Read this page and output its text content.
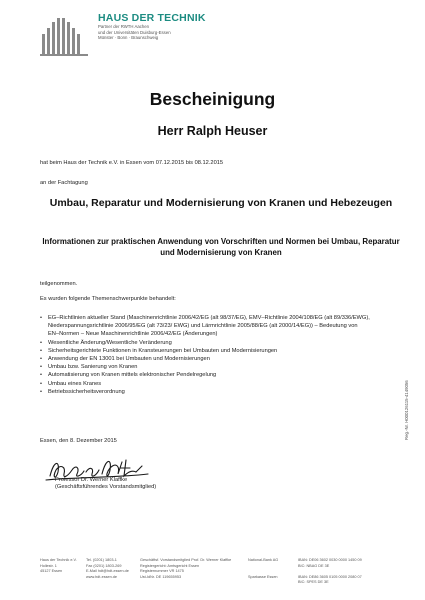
HAUS DER TECHNIK
Partner der RWTH Aachen
und der Universitäten Duisburg-Essen
Münster · Bonn · Braunschweig
Bescheinigung
Herr Ralph Heuser
hat beim Haus der Technik e.V. in Essen vom 07.12.2015 bis 08.12.2015
an der Fachtagung
Umbau, Reparatur und Modernisierung von Kranen und Hebezeugen
Informationen zur praktischen Anwendung von Vorschriften und Normen bei Umbau, Reparatur und Modernisierung von Kranen
teilgenommen.
Es wurden folgende Themenschwerpunkte behandelt:
• EG–Richtlinien aktueller Stand (Maschinenrichtlinie 2006/42/EG (alt 98/37/EG), EMV–Richtlinie 2004/108/EG (alt 89/336/EWG), Niederspannungsrichtlinie 2006/95/EG (alt 73/23/ EWG) und Lärmrichtlinie 2005/88/EG (alt 2000/14/EG)) – Bedeutung von EN–Normen – Neue Maschinenrichtlinie 2006/42/EG (Änderungen)
• Wesentliche Änderung/Wesentliche Veränderung
• Sicherheitsgerichtete Funktionen in Kransteuerungen bei Umbauten und Modernisierungen
• Anwendung der EN 13001 bei Umbauten und Modernisierungen
• Umbau bzw. Sanierung von Kranen
• Automatisierung von Kranen mittels elektronischer Pendelregelung
• Umbau eines Kranes
• Betriebssicherheitsverordnung
Essen, den 8. Dezember 2015
Professor Dr. Werner Klaffke
(Geschäftsführendes Vorstandsmitglied)
Haus der Technik e.V.
Hollestr. 1
45127 Essen
Tel. (0201) 1803-1
Fax (0201) 1803-269
E-Mail hdt@hdt-essen.de
www.hdt-essen.de
Geschäftsf. Vorstandsmitglied Prof. Dr. Werner Klaffke
Registergericht: Amtsgericht Essen
Registernummer VR 1475
Ust-IdNr. DE 119655953
National-Bank AG

Sparkasse Essen
IBAN: DE06 3602 0030 0000 1450 09
BIC: NBAG DE 3E

IBAN: DE86 3605 0105 0000 2080 07
BIC: SPES DE 3E
Reg.-Nr. H000126115-4149056
